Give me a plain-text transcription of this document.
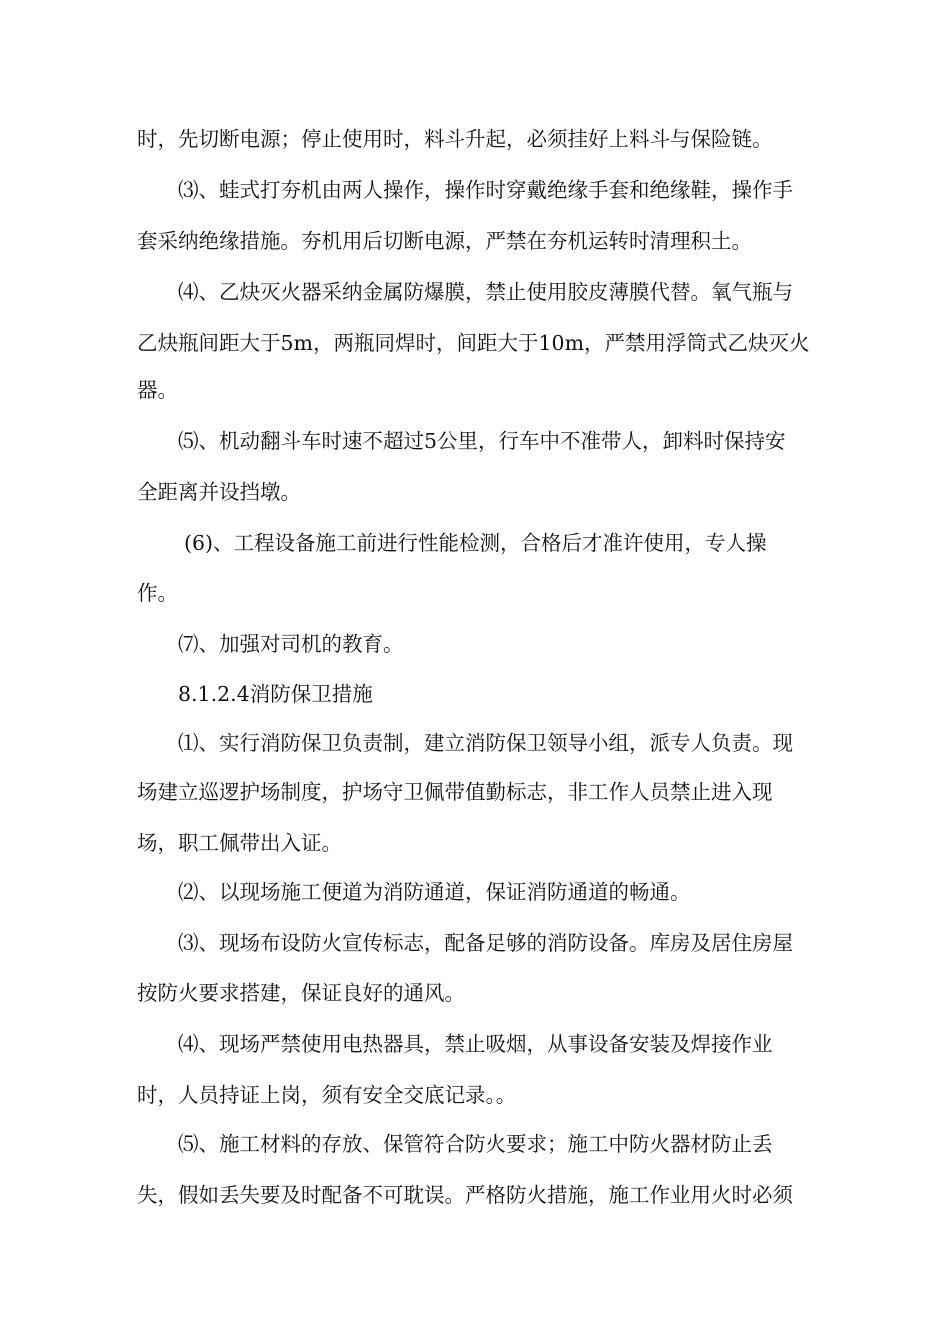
时，先切断电源；停止使用时，料斗升起，必须挂好上料斗与保险链。
⑶、蛙式打夯机由两人操作，操作时穿戴绝缘手套和绝缘鞋，操作手
套采纳绝缘措施。夯机用后切断电源，严禁在夯机运转时清理积土。
⑷、乙炔灭火器采纳金属防爆膜，禁止使用胶皮薄膜代替。氧气瓶与
乙炔瓶间距大于5m，两瓶同焊时，间距大于10m，严禁用浮筒式乙炔灭火
器。
⑸、机动翻斗车时速不超过5公里，行车中不准带人，卸料时保持安
全距离并设挡墩。
(6)、工程设备施工前进行性能检测，合格后才准许使用，专人操
作。
⑺、加强对司机的教育。
8.1.2.4消防保卫措施
⑴、实行消防保卫负责制，建立消防保卫领导小组，派专人负责。现
场建立巡逻护场制度，护场守卫佩带值勤标志，非工作人员禁止进入现
场，职工佩带出入证。
⑵、以现场施工便道为消防通道，保证消防通道的畅通。
⑶、现场布设防火宣传标志，配备足够的消防设备。库房及居住房屋
按防火要求搭建，保证良好的通风。
⑷、现场严禁使用电热器具，禁止吸烟，从事设备安装及焊接作业
时，人员持证上岗，须有安全交底记录。。
⑸、施工材料的存放、保管符合防火要求；施工中防火器材防止丢
失，假如丢失要及时配备不可耽误。严格防火措施，施工作业用火时必须
